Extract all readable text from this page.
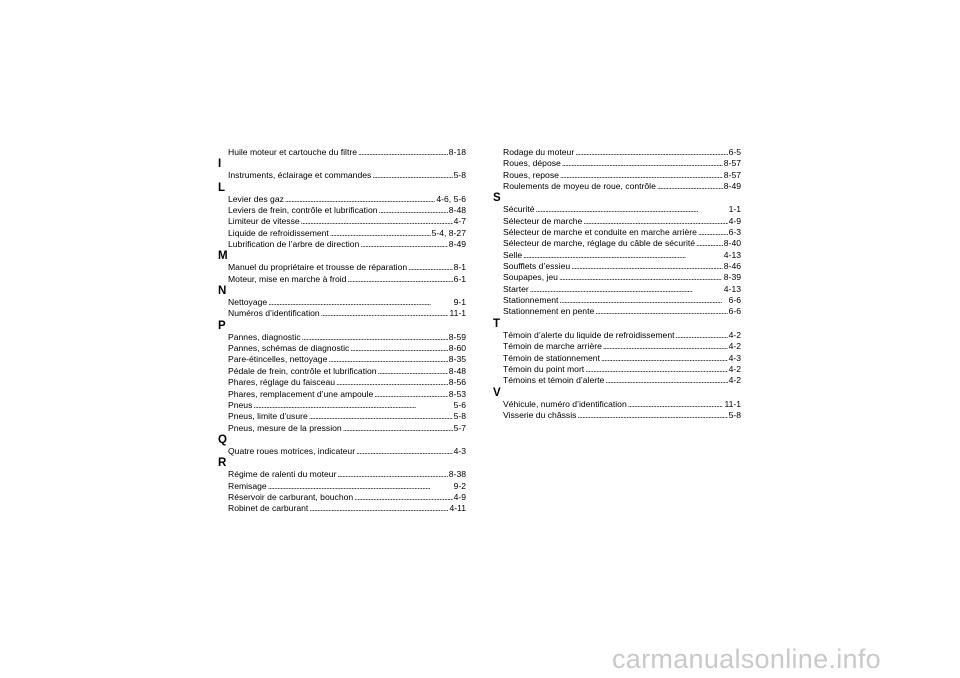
Huile moteur et cartouche du filtre . . .	8-18
I
Instruments, éclairage et commandes . . .	5-8
L
Levier des gaz . . .	4-6, 5-6
Leviers de frein, contrôle et lubrification . . .	8-48
Limiteur de vitesse . . .	4-7
Liquide de refroidissement . . .	5-4, 8-27
Lubrification de l’arbre de direction . . .	8-49
M
Manuel du propriétaire et trousse de réparation . . .	8-1
Moteur, mise en marche à froid . . .	6-1
N
Nettoyage . . .	9-1
Numéros d’identification . . .	11-1
P
Pannes, diagnostic . . .	8-59
Pannes, schémas de diagnostic . . .	8-60
Pare-étincelles, nettoyage . . .	8-35
Pédale de frein, contrôle et lubrification . . .	8-48
Phares, réglage du faisceau . . .	8-56
Phares, remplacement d’une ampoule . . .	8-53
Pneus . . .	5-6
Pneus, limite d’usure . . .	5-8
Pneus, mesure de la pression . . .	5-7
Q
Quatre roues motrices, indicateur . . .	4-3
R
Régime de ralenti du moteur . . .	8-38
Remisage . . .	9-2
Réservoir de carburant, bouchon . . .	4-9
Robinet de carburant . . .	4-11
Rodage du moteur . . .	6-5
Roues, dépose . . .	8-57
Roues, repose . . .	8-57
Roulements de moyeu de roue, contrôle . . .	8-49
S
Sécurité . . .	1-1
Sélecteur de marche . . .	4-9
Sélecteur de marche et conduite en marche arrière . . .	6-3
Sélecteur de marche, réglage du câble de sécurité . . .	8-40
Selle . . .	4-13
Soufflets d’essieu . . .	8-46
Soupapes, jeu . . .	8-39
Starter . . .	4-13
Stationnement . . .	6-6
Stationnement en pente . . .	6-6
T
Témoin d’alerte du liquide de refroidissement . . .	4-2
Témoin de marche arrière . . .	4-2
Témoin de stationnement . . .	4-3
Témoin du point mort . . .	4-2
Témoins et témoin d’alerte . . .	4-2
V
Véhicule, numéro d’identification . . .	11-1
Visserie du châssis . . .	5-8
carmanualsonline.info
